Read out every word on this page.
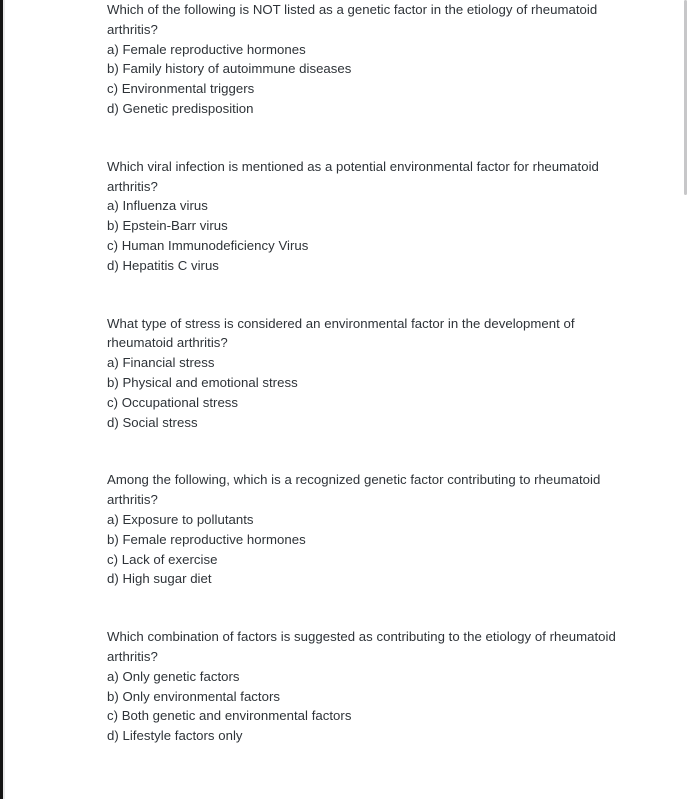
Which of the following is NOT listed as a genetic factor in the etiology of rheumatoid arthritis?

a) Female reproductive hormones
b) Family history of autoimmune diseases
c) Environmental triggers
d) Genetic predisposition

Which viral infection is mentioned as a potential environmental factor for rheumatoid arthritis?

a) Influenza virus
b) Epstein-Barr virus
c) Human Immunodeficiency Virus
d) Hepatitis C virus

What type of stress is considered an environmental factor in the development of rheumatoid arthritis?

a) Financial stress
b) Physical and emotional stress
c) Occupational stress
d) Social stress

Among the following, which is a recognized genetic factor contributing to rheumatoid arthritis?

a) Exposure to pollutants
b) Female reproductive hormones
c) Lack of exercise
d) High sugar diet

Which combination of factors is suggested as contributing to the etiology of rheumatoid arthritis?

a) Only genetic factors
b) Only environmental factors
c) Both genetic and environmental factors
d) Lifestyle factors only
